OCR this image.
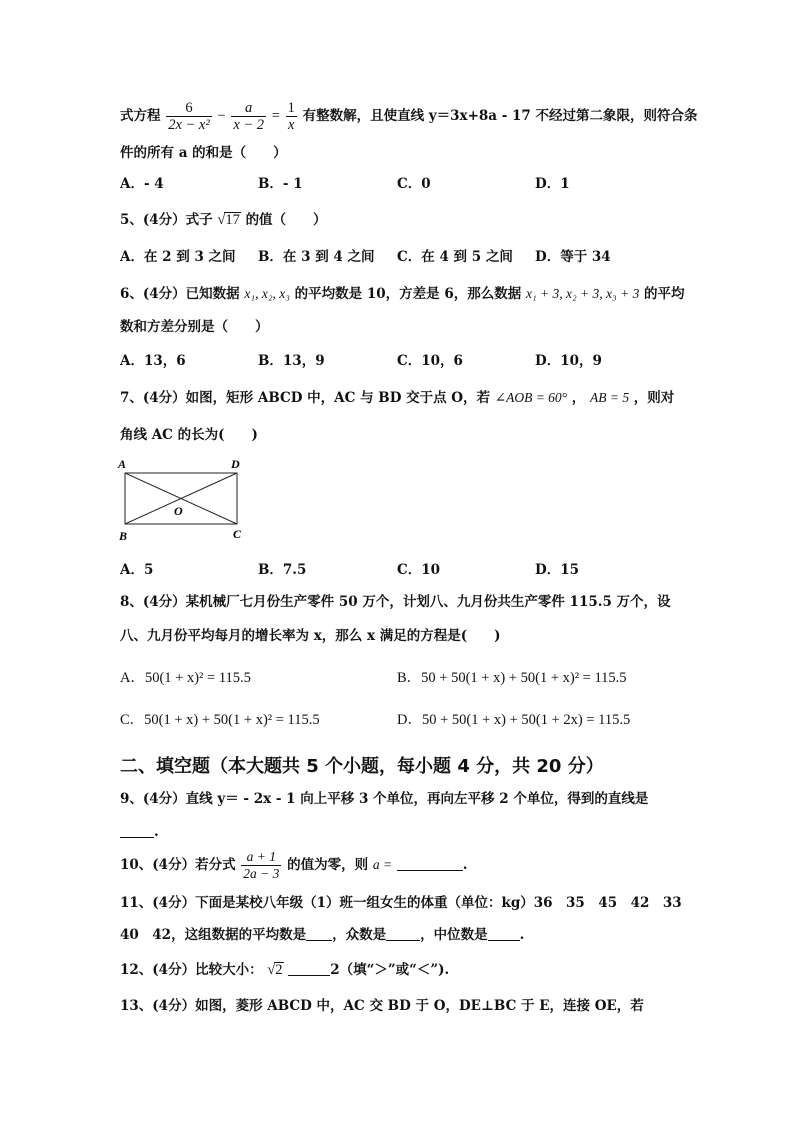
式方程 $\frac{6}{\text{2x − x²}} - \frac{a}{x - 2} = \frac{1}{x}$ 有整数解，且使直线 y＝3x+8a - 17 不经过第二象限，则符合条
件的所有 a 的和是（　　）
A．- 4	B．- 1	C．0	D．1
5、(4分）式子 √17 的值（　　）
A．在 2 到 3 之间 B．在 3 到 4 之间 C．在 4 到 5 之间 D．等于 34
6、(4分）已知数据 x₁, x₂, x₃ 的平均数是 10，方差是 6，那么数据 x₁ + 3, x₂ + 3, x₃ + 3 的平均
数和方差分别是（　　）
A．13，6	B．13，9	C．10，6	D．10，9
7、(4分）如图，矩形 ABCD 中，AC 与 BD 交于点 O，若 ∠AOB = 60° ， AB = 5 ，则对
角线 AC 的长为(　　)
A	D
B	C
O
A．5	B．7.5	C．10	D．15
8、(4分）某机械厂七月份生产零件 50 万个，计划八、九月份共生产零件 115.5 万个，设
八、九月份平均每月的增长率为 x，那么 x 满足的方程是(　　)
A．50(1 + x)² = 115.5	B．50 + 50(1 + x) + 50(1 + x)² = 115.5
C．50(1 + x) + 50(1 + x)² = 115.5	D．50 + 50(1 + x) + 50(1 + 2x) = 115.5
二、填空题（本大题共 5 个小题，每小题 4 分，共 20 分）
9、(4分）直线 y＝ - 2x - 1 向上平移 3 个单位，再向左平移 2 个单位，得到的直线是
.
10、(4分）若分式 $\frac{a + 1}{2a - 3}$ 的值为零，则 a =	.
11、(4分）下面是某校八年级（1）班一组女生的体重（单位：kg）36　35　45　42　33
40　42，这组数据的平均数是 ，众数是	，中位数是 .
12、(4分）比较大小： √2	2（填“＞”或“＜”).
13、(4分）如图，菱形 ABCD 中，AC 交 BD 于 O，DE⊥BC 于 E，连接 OE，若
